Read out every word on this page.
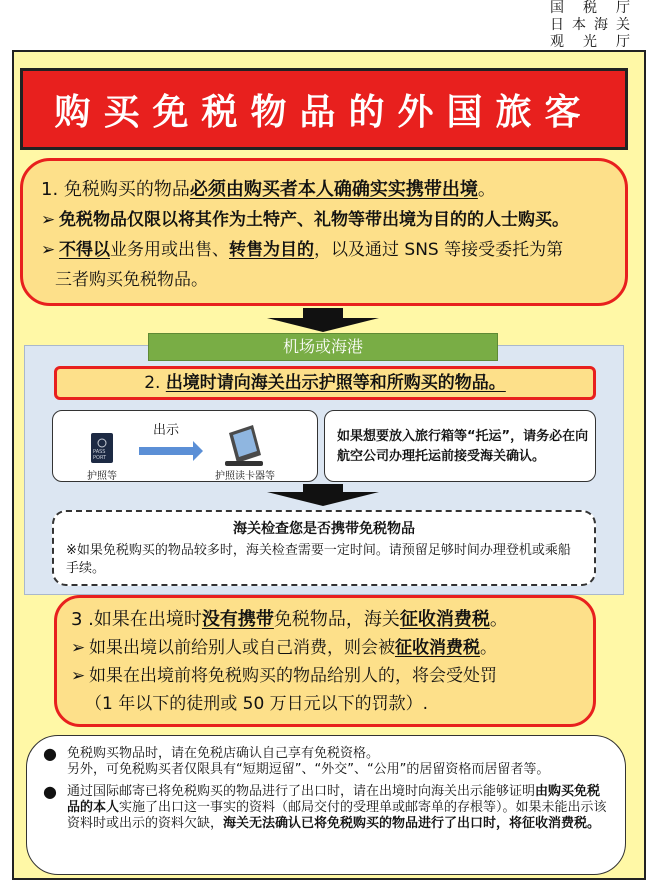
国 税 厅
日本海关
观 光 厅
购买免税物品的外国旅客

1. 免税购买的物品必须由购买者本人确确实实携带出境。

➢ 免税物品仅限以将其作为土特产、礼物等带出境为目的的人士购买。

➢ 不得以业务用或出售、转售为目的，以及通过 SNS 等接受委托为第

三者购买免税物品。

机场或海港
2. 出境时请向海关出示护照等和所购买的物品。
PASS PORT
出示
护照等	护照读卡器等
如果想要放入旅行箱等“托运”，请务必在向航空公司办理托运前接受海关确认。
海关检查您是否携带免税物品
※如果免税购买的物品较多时，海关检查需要一定时间。请预留足够时间办理登机或乘船手续。

3 .如果在出境时没有携带免税物品，海关征收消费税。

➢ 如果出境以前给别人或自己消费，则会被征收消费税。

➢ 如果在出境前将免税购买的物品给别人的，将会受处罚

（1 年以下的徒刑或 50 万日元以下的罚款）.

● 免税购买物品时，请在免税店确认自己享有免税资格。
另外，可免税购买者仅限具有“短期逗留”、“外交”、“公用”的居留资格而居留者等。
● 通过国际邮寄已将免税购买的物品进行了出口时，请在出境时向海关出示能够证明由购买免税品的本人实施了出口这一事实的资料（邮局交付的受理单或邮寄单的存根等）。如果未能出示该资料时或出示的资料欠缺，海关无法确认已将免税购买的物品进行了出口时，将征收消费税。
